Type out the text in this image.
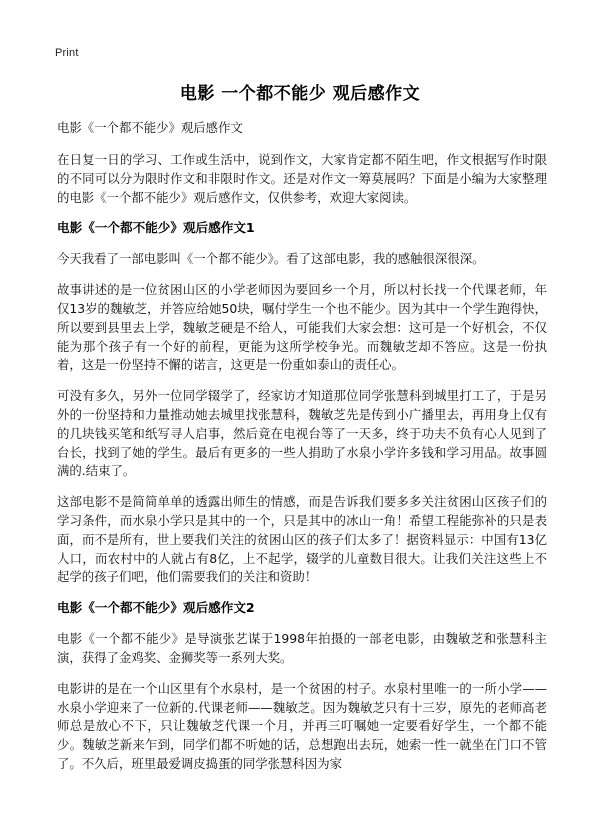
Print
电影 一个都不能少 观后感作文
电影《一个都不能少》观后感作文

在日复一日的学习、工作或生活中，说到作文，大家肯定都不陌生吧，作文根据写作时限的不同可以分为限时作文和非限时作文。还是对作文一筹莫展吗？下面是小编为大家整理的电影《一个都不能少》观后感作文，仅供参考，欢迎大家阅读。

电影《一个都不能少》观后感作文1

今天我看了一部电影叫《一个都不能少》。看了这部电影，我的感触很深很深。

故事讲述的是一位贫困山区的小学老师因为要回乡一个月，所以村长找一个代课老师，年仅13岁的魏敏芝，并答应给她50块，嘱付学生一个也不能少。因为其中一个学生跑得快，所以要到县里去上学，魏敏芝硬是不给人，可能我们大家会想：这可是一个好机会，不仅能为那个孩子有一个好的前程，更能为这所学校争光。而魏敏芝却不答应。这是一份执着，这是一份坚持不懈的诺言，这更是一份重如泰山的责任心。

可没有多久，另外一位同学辍学了，经家访才知道那位同学张慧科到城里打工了，于是另外的一份坚持和力量推动她去城里找张慧科，魏敏芝先是传到小广播里去，再用身上仅有的几块钱买笔和纸写寻人启事，然后竟在电视台等了一天多，终于功夫不负有心人见到了台长，找到了她的学生。最后有更多的一些人捐助了水泉小学许多钱和学习用品。故事圆满的.结束了。

这部电影不是简简单单的透露出师生的情感，而是告诉我们要多多关注贫困山区孩子们的学习条件，而水泉小学只是其中的一个，只是其中的冰山一角！希望工程能弥补的只是表面，而不是所有，世上要我们关注的贫困山区的孩子们太多了！据资料显示：中国有13亿人口，而农村中的人就占有8亿，上不起学，辍学的儿童数目很大。让我们关注这些上不起学的孩子们吧，他们需要我们的关注和资助！

电影《一个都不能少》观后感作文2

电影《一个都不能少》是导演张艺谋于1998年拍摄的一部老电影，由魏敏芝和张慧科主演，获得了金鸡奖、金狮奖等一系列大奖。

电影讲的是在一个山区里有个水泉村，是一个贫困的村子。水泉村里唯一的一所小学——水泉小学迎来了一位新的.代课老师——魏敏芝。因为魏敏芝只有十三岁，原先的老师高老师总是放心不下，只让魏敏芝代课一个月，并再三叮嘱她一定要看好学生，一个都不能少。魏敏芝新来乍到，同学们都不听她的话，总想跑出去玩，她索一性一就坐在门口不管了。不久后，班里最爱调皮捣蛋的同学张慧科因为家
